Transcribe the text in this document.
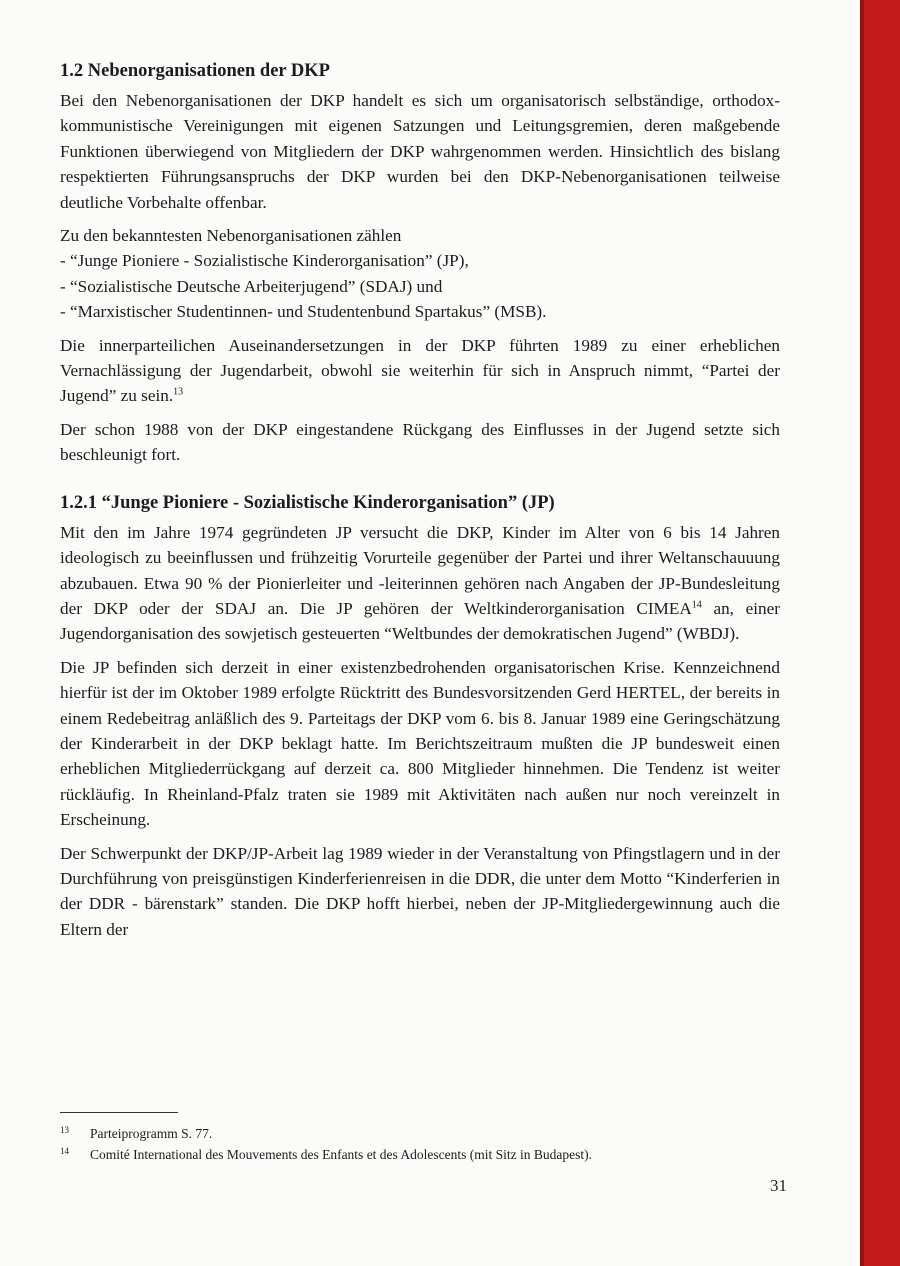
1.2 Nebenorganisationen der DKP

Bei den Nebenorganisationen der DKP handelt es sich um organisatorisch selbständige, orthodox-kommunistische Vereinigungen mit eigenen Satzungen und Leitungsgremien, deren maßgebende Funktionen überwiegend von Mitgliedern der DKP wahrgenommen werden. Hinsichtlich des bislang respektierten Führungsanspruchs der DKP wurden bei den DKP-Nebenorganisationen teilweise deutliche Vorbehalte offenbar.

Zu den bekanntesten Nebenorganisationen zählen
- “Junge Pioniere - Sozialistische Kinderorganisation” (JP),
- “Sozialistische Deutsche Arbeiterjugend” (SDAJ) und
- “Marxistischer Studentinnen- und Studentenbund Spartakus” (MSB).

Die innerparteilichen Auseinandersetzungen in der DKP führten 1989 zu einer erheblichen Vernachlässigung der Jugendarbeit, obwohl sie weiterhin für sich in Anspruch nimmt, “Partei der Jugend” zu sein.$^{13}$

Der schon 1988 von der DKP eingestandene Rückgang des Einflusses in der Jugend setzte sich beschleunigt fort.

1.2.1 “Junge Pioniere - Sozialistische Kinderorganisation” (JP)

Mit den im Jahre 1974 gegründeten JP versucht die DKP, Kinder im Alter von 6 bis 14 Jahren ideologisch zu beeinflussen und frühzeitig Vorurteile gegenüber der Partei und ihrer Weltanschauuung abzubauen. Etwa 90 % der Pionierleiter und -leiterinnen gehören nach Angaben der JP-Bundesleitung der DKP oder der SDAJ an. Die JP gehören der Weltkinderorganisation CIMEA$^{14}$ an, einer Jugendorganisation des sowjetisch gesteuerten “Weltbundes der demokratischen Jugend” (WBDJ).

Die JP befinden sich derzeit in einer existenzbedrohenden organisatorischen Krise. Kennzeichnend hierfür ist der im Oktober 1989 erfolgte Rücktritt des Bundesvorsitzenden Gerd HERTEL, der bereits in einem Redebeitrag anläßlich des 9. Parteitags der DKP vom 6. bis 8. Januar 1989 eine Geringschätzung der Kinderarbeit in der DKP beklagt hatte. Im Berichtszeitraum mußten die JP bundesweit einen erheblichen Mitgliederrückgang auf derzeit ca. 800 Mitglieder hinnehmen. Die Tendenz ist weiter rückläufig. In Rheinland-Pfalz traten sie 1989 mit Aktivitäten nach außen nur noch vereinzelt in Erscheinung.

Der Schwerpunkt der DKP/JP-Arbeit lag 1989 wieder in der Veranstaltung von Pfingstlagern und in der Durchführung von preisgünstigen Kinderferienreisen in die DDR, die unter dem Motto “Kinderferien in der DDR - bärenstark” standen. Die DKP hofft hierbei, neben der JP-Mitgliedergewinnung auch die Eltern der

13	Parteiprogramm S. 77.
14	Comité International des Mouvements des Enfants et des Adolescents (mit Sitz in Budapest).
31
